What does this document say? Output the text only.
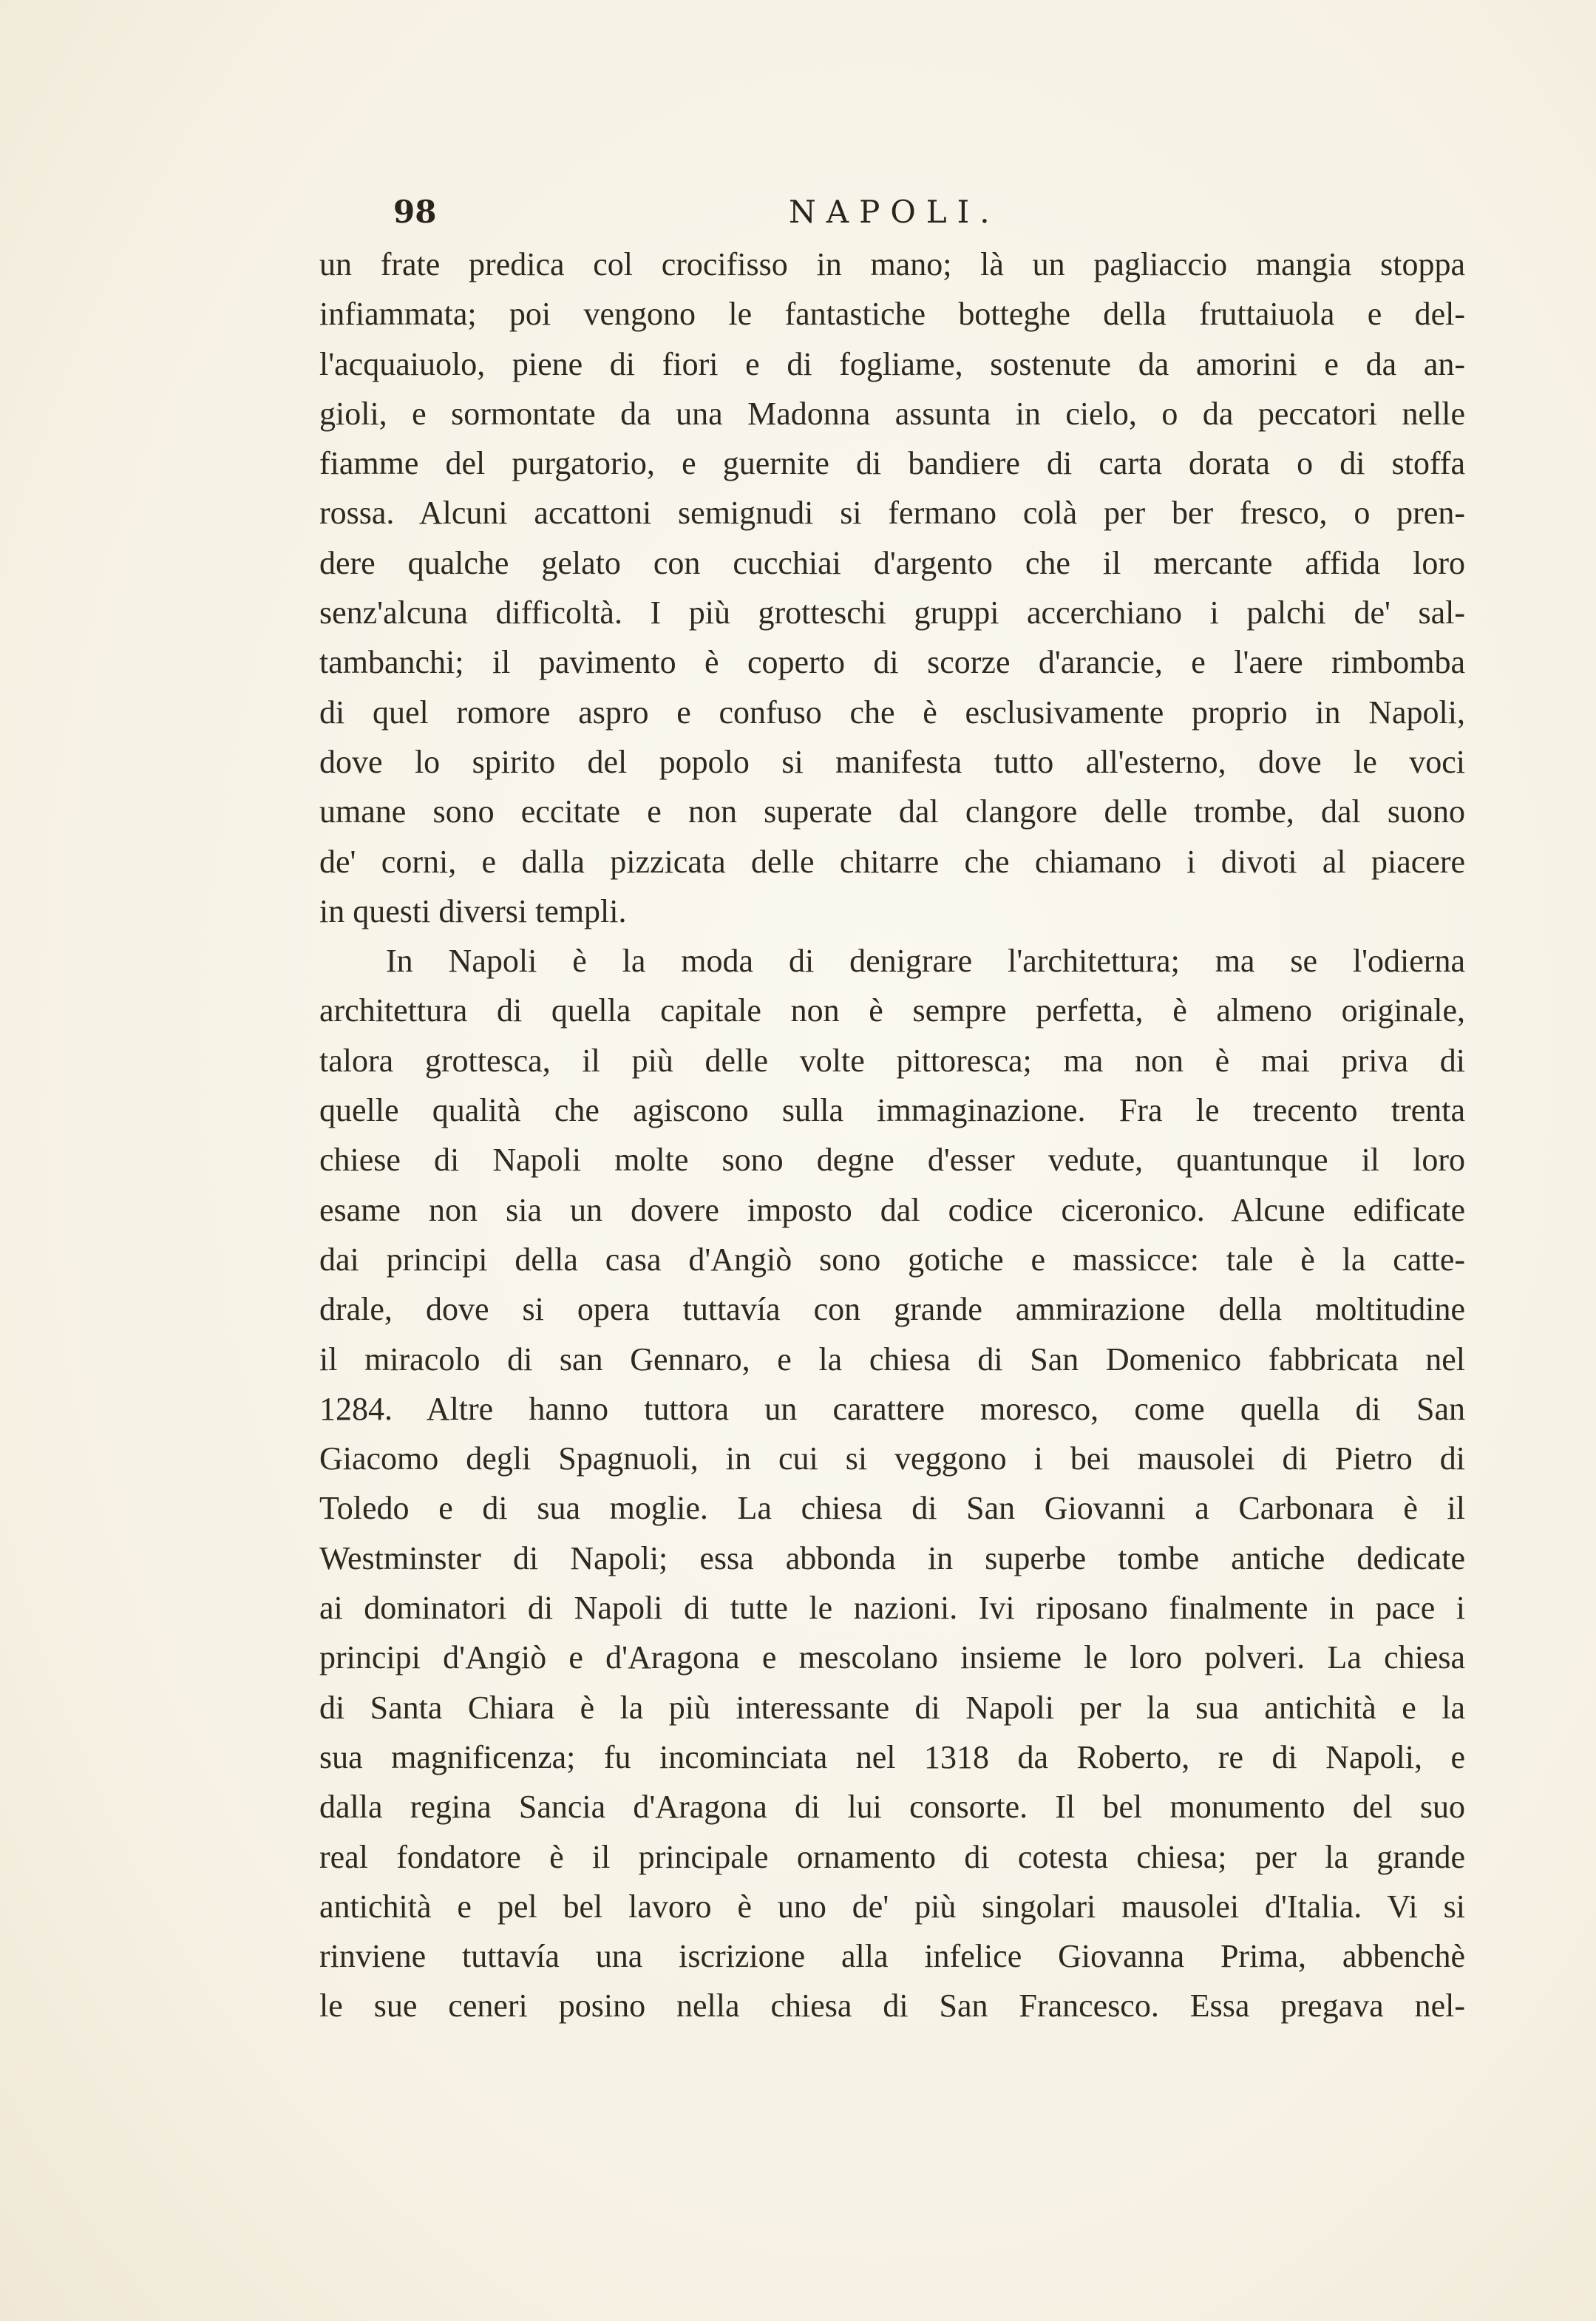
98	NAPOLI.
un frate predica col crocifisso in mano; là un pagliaccio mangia stoppa
infiammata; poi vengono le fantastiche botteghe della fruttaiuola e del-
l'acquaiuolo, piene di fiori e di fogliame, sostenute da amorini e da an-
gioli, e sormontate da una Madonna assunta in cielo, o da peccatori nelle
fiamme del purgatorio, e guernite di bandiere di carta dorata o di stoffa
rossa. Alcuni accattoni semignudi si fermano colà per ber fresco, o pren-
dere qualche gelato con cucchiai d'argento che il mercante affida loro
senz'alcuna difficoltà. I più grotteschi gruppi accerchiano i palchi de' sal-
tambanchi; il pavimento è coperto di scorze d'arancie, e l'aere rimbomba
di quel romore aspro e confuso che è esclusivamente proprio in Napoli,
dove lo spirito del popolo si manifesta tutto all'esterno, dove le voci
umane sono eccitate e non superate dal clangore delle trombe, dal suono
de' corni, e dalla pizzicata delle chitarre che chiamano i divoti al piacere
in questi diversi templi.
In Napoli è la moda di denigrare l'architettura; ma se l'odierna
architettura di quella capitale non è sempre perfetta, è almeno originale,
talora grottesca, il più delle volte pittoresca; ma non è mai priva di
quelle qualità che agiscono sulla immaginazione. Fra le trecento trenta
chiese di Napoli molte sono degne d'esser vedute, quantunque il loro
esame non sia un dovere imposto dal codice ciceronico. Alcune edificate
dai principi della casa d'Angiò sono gotiche e massicce: tale è la catte-
drale, dove si opera tuttavía con grande ammirazione della moltitudine
il miracolo di san Gennaro, e la chiesa di San Domenico fabbricata nel
1284. Altre hanno tuttora un carattere moresco, come quella di San
Giacomo degli Spagnuoli, in cui si veggono i bei mausolei di Pietro di
Toledo e di sua moglie. La chiesa di San Giovanni a Carbonara è il
Westminster di Napoli; essa abbonda in superbe tombe antiche dedicate
ai dominatori di Napoli di tutte le nazioni. Ivi riposano finalmente in pace i
principi d'Angiò e d'Aragona e mescolano insieme le loro polveri. La chiesa
di Santa Chiara è la più interessante di Napoli per la sua antichità e la
sua magnificenza; fu incominciata nel 1318 da Roberto, re di Napoli, e
dalla regina Sancia d'Aragona di lui consorte. Il bel monumento del suo
real fondatore è il principale ornamento di cotesta chiesa; per la grande
antichità e pel bel lavoro è uno de' più singolari mausolei d'Italia. Vi si
rinviene tuttavía una iscrizione alla infelice Giovanna Prima, abbenchè
le sue ceneri posino nella chiesa di San Francesco. Essa pregava nel-
